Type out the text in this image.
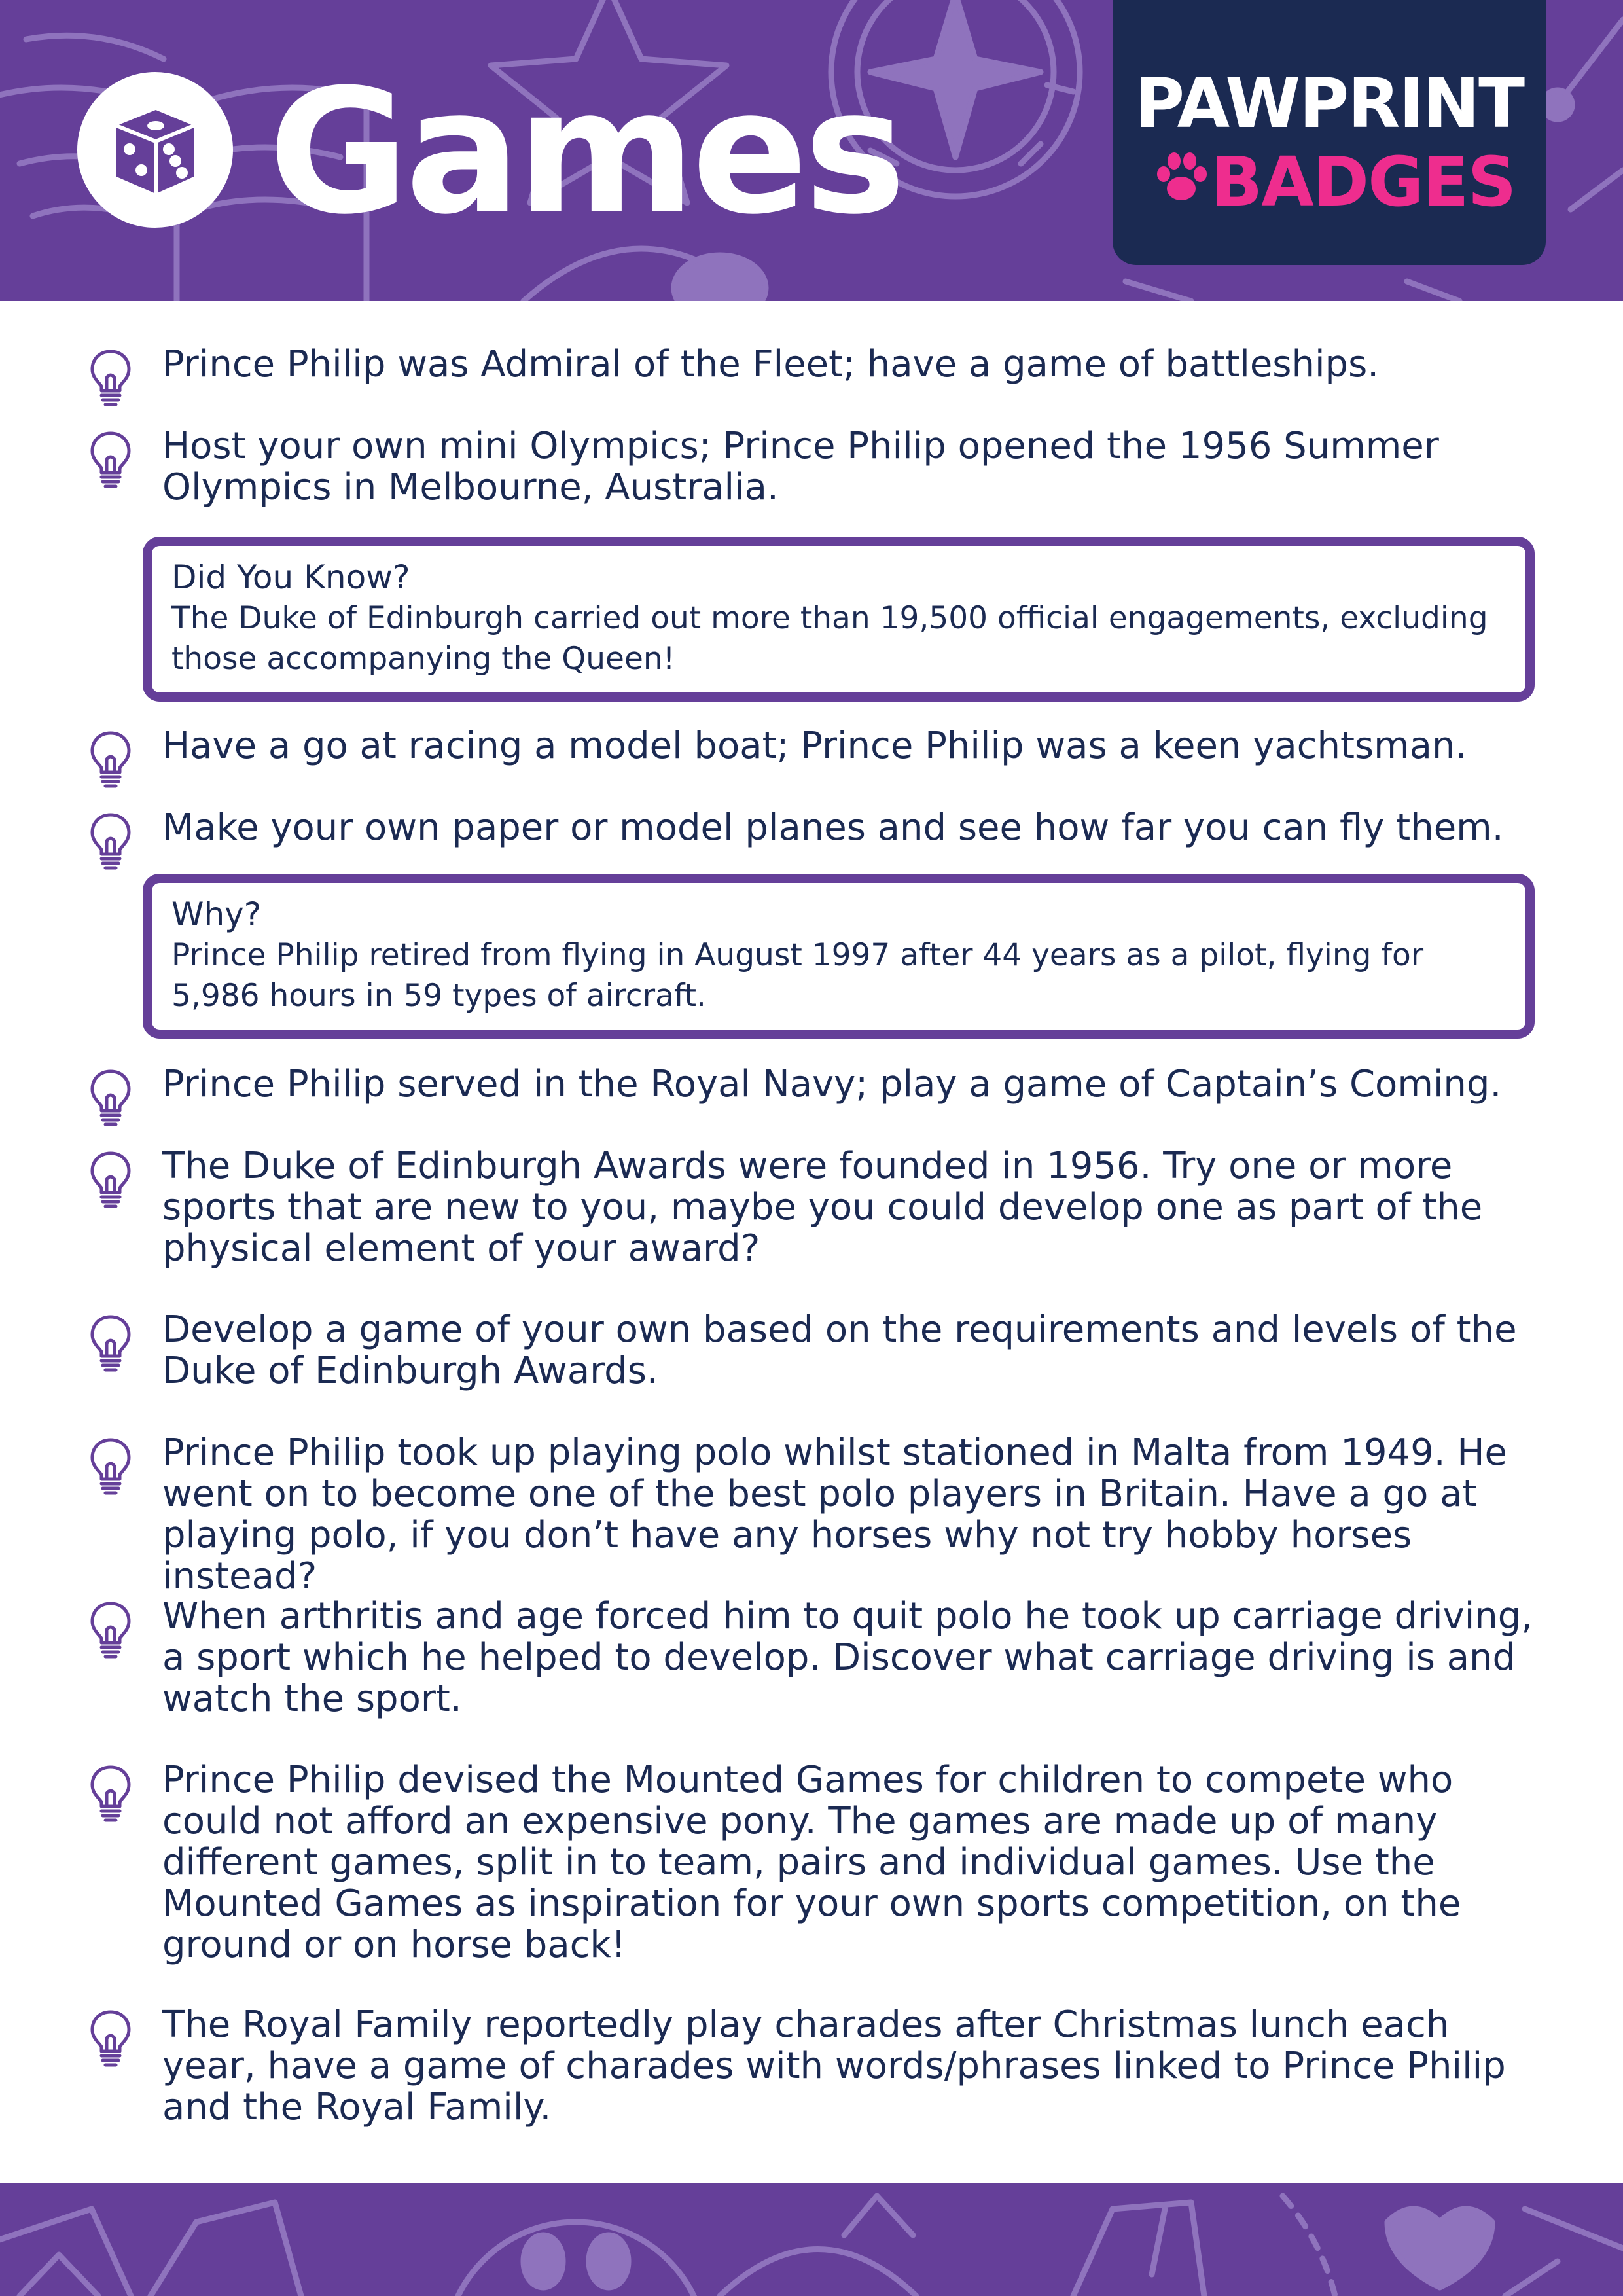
Games	PAWPRINT
BADGES

Prince Philip was Admiral of the Fleet; have a game of battleships.

Host your own mini Olympics; Prince Philip opened the 1956 Summer Olympics in Melbourne, Australia.

Did You Know?

The Duke of Edinburgh carried out more than 19,500 official engagements, excluding those accompanying the Queen!

Have a go at racing a model boat; Prince Philip was a keen yachtsman.

Make your own paper or model planes and see how far you can fly them.

Why?

Prince Philip retired from flying in August 1997 after 44 years as a pilot, flying for 5,986 hours in 59 types of aircraft.

Prince Philip served in the Royal Navy; play a game of Captain’s Coming.

The Duke of Edinburgh Awards were founded in 1956. Try one or more sports that are new to you, maybe you could develop one as part of the physical element of your award?

Develop a game of your own based on the requirements and levels of the Duke of Edinburgh Awards.

Prince Philip took up playing polo whilst stationed in Malta from 1949. He went on to become one of the best polo players in Britain. Have a go at playing polo, if you don’t have any horses why not try hobby horses instead?

When arthritis and age forced him to quit polo he took up carriage driving, a sport which he helped to develop. Discover what carriage driving is and watch the sport.

Prince Philip devised the Mounted Games for children to compete who could not afford an expensive pony. The games are made up of many different games, split in to team, pairs and individual games. Use the Mounted Games as inspiration for your own sports competition, on the ground or on horse back!

The Royal Family reportedly play charades after Christmas lunch each year, have a game of charades with words/phrases linked to Prince Philip and the Royal Family.
